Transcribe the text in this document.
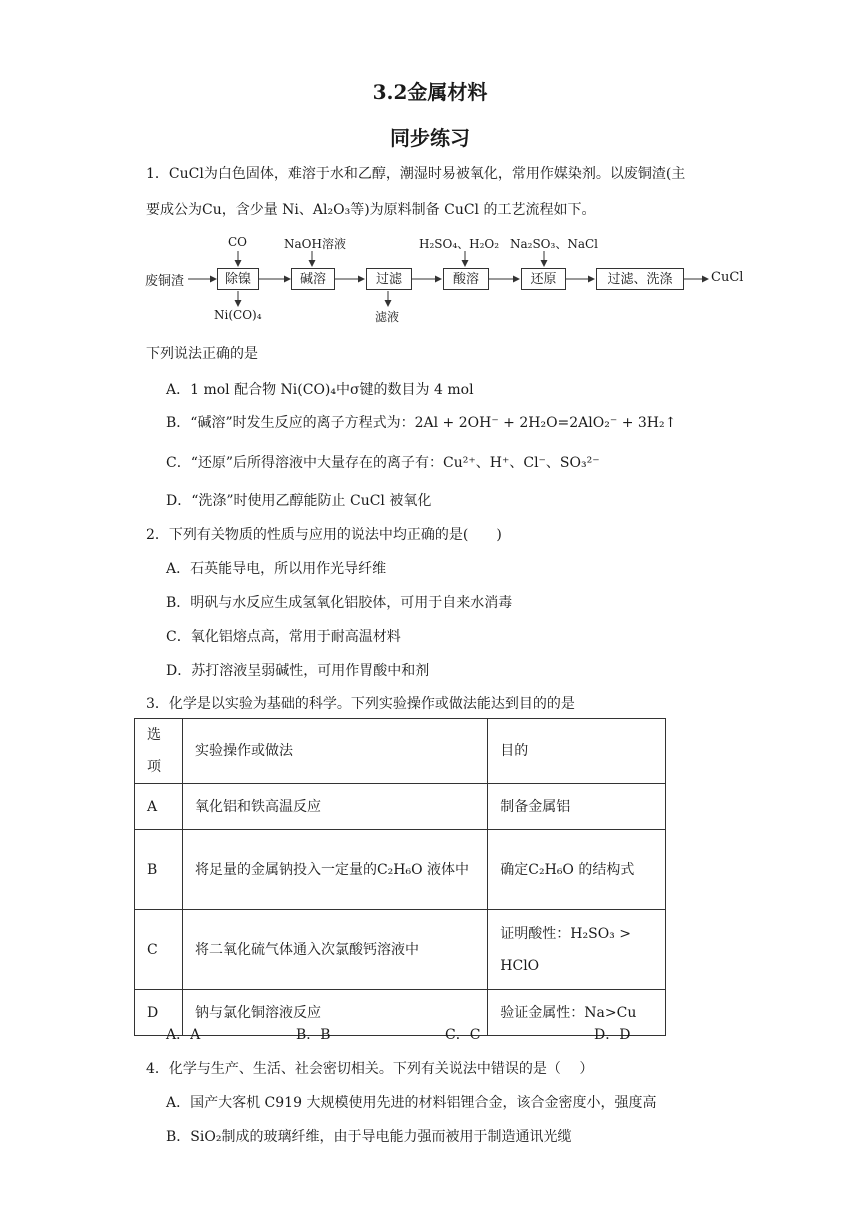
3.2金属材料
同步练习
1．CuCl为白色固体，难溶于水和乙醇，潮湿时易被氧化，常用作媒染剂。以废铜渣(主
要成公为Cu，含少量 Ni、Al₂O₃等)为原料制备 CuCl 的工艺流程如下。
废铜渣	CuCl
除镍	碱溶	过滤	酸溶	还原	过滤、洗涤
CO	NaOH溶液	H₂SO₄、H₂O₂ Na₂SO₃、NaCl
Ni(CO)₄	滤液
下列说法正确的是
A．1 mol 配合物 Ni(CO)₄中σ键的数目为 4 mol
B．“碱溶”时发生反应的离子方程式为：2Al + 2OH⁻ + 2H₂O=2AlO₂⁻ + 3H₂↑
C．“还原”后所得溶液中大量存在的离子有：Cu²⁺、H⁺、Cl⁻、SO₃²⁻
D．“洗涤”时使用乙醇能防止 CuCl 被氧化
2．下列有关物质的性质与应用的说法中均正确的是(　　)
A．石英能导电，所以用作光导纤维
B．明矾与水反应生成氢氧化铝胶体，可用于自来水消毒
C．氧化铝熔点高，常用于耐高温材料
D．苏打溶液呈弱碱性，可用作胃酸中和剂
3．化学是以实验为基础的科学。下列实验操作或做法能达到目的的是
选项	实验操作或做法	目的
A	氧化铝和铁高温反应	制备金属铝
B	将足量的金属钠投入一定量的C₂H₆O 液体中	确定C₂H₆O 的结构式
C	将二氧化硫气体通入次氯酸钙溶液中	证明酸性：H₂SO₃ > HClO
D	钠与氯化铜溶液反应	验证金属性：Na>Cu
A．A	B．B	C．C	D．D
4．化学与生产、生活、社会密切相关。下列有关说法中错误的是（　 ）
A．国产大客机 C919 大规模使用先进的材料铝锂合金，该合金密度小，强度高
B．SiO₂制成的玻璃纤维，由于导电能力强而被用于制造通讯光缆
